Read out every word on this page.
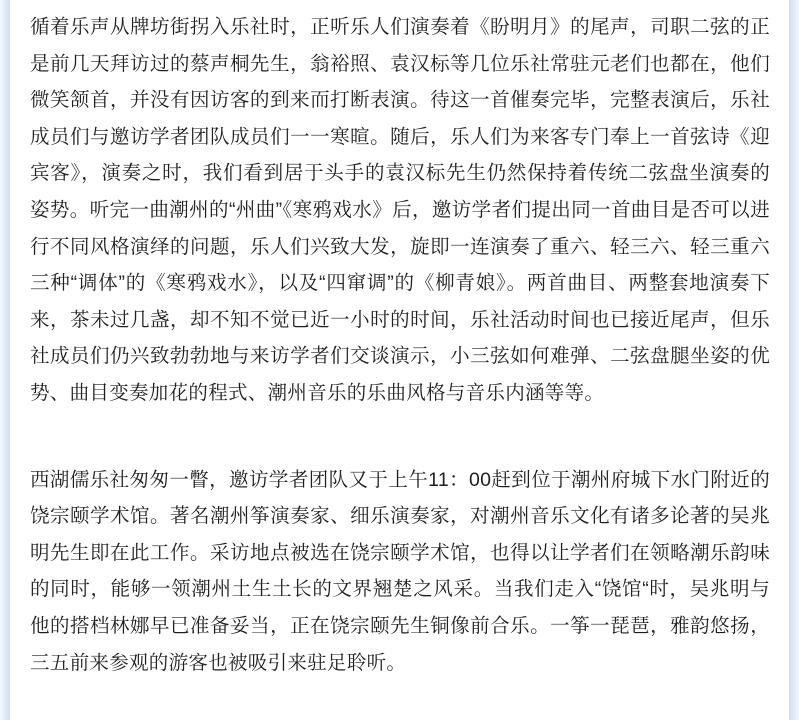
循着乐声从牌坊街拐入乐社时，正听乐人们演奏着《盼明月》的尾声，司职二弦的正是前几天拜访过的蔡声桐先生，翁裕照、袁汉标等几位乐社常驻元老们也都在，他们微笑颔首，并没有因访客的到来而打断表演。待这一首催奏完毕，完整表演后，乐社成员们与邀访学者团队成员们一一寒暄。随后，乐人们为来客专门奉上一首弦诗《迎宾客》，演奏之时，我们看到居于头手的袁汉标先生仍然保持着传统二弦盘坐演奏的姿势。听完一曲潮州的“州曲”《寒鸦戏水》后，邀访学者们提出同一首曲目是否可以进行不同风格演绎的问题，乐人们兴致大发，旋即一连演奏了重六、轻三六、轻三重六三种“调体”的《寒鸦戏水》，以及“四窜调”的《柳青娘》。两首曲目、两整套地演奏下来，茶未过几盏，却不知不觉已近一小时的时间，乐社活动时间也已接近尾声，但乐社成员们仍兴致勃勃地与来访学者们交谈演示，小三弦如何难弹、二弦盘腿坐姿的优势、曲目变奏加花的程式、潮州音乐的乐曲风格与音乐内涵等等。

西湖儒乐社匆匆一瞥，邀访学者团队又于上午11：00赶到位于潮州府城下水门附近的饶宗颐学术馆。著名潮州筝演奏家、细乐演奏家，对潮州音乐文化有诸多论著的吴兆明先生即在此工作。采访地点被选在饶宗颐学术馆，也得以让学者们在领略潮乐韵味的同时，能够一领潮州土生土长的文界翘楚之风采。当我们走入“饶馆“时，吴兆明与他的搭档林娜早已准备妥当，正在饶宗颐先生铜像前合乐。一筝一琵琶，雅韵悠扬，三五前来参观的游客也被吸引来驻足聆听。
